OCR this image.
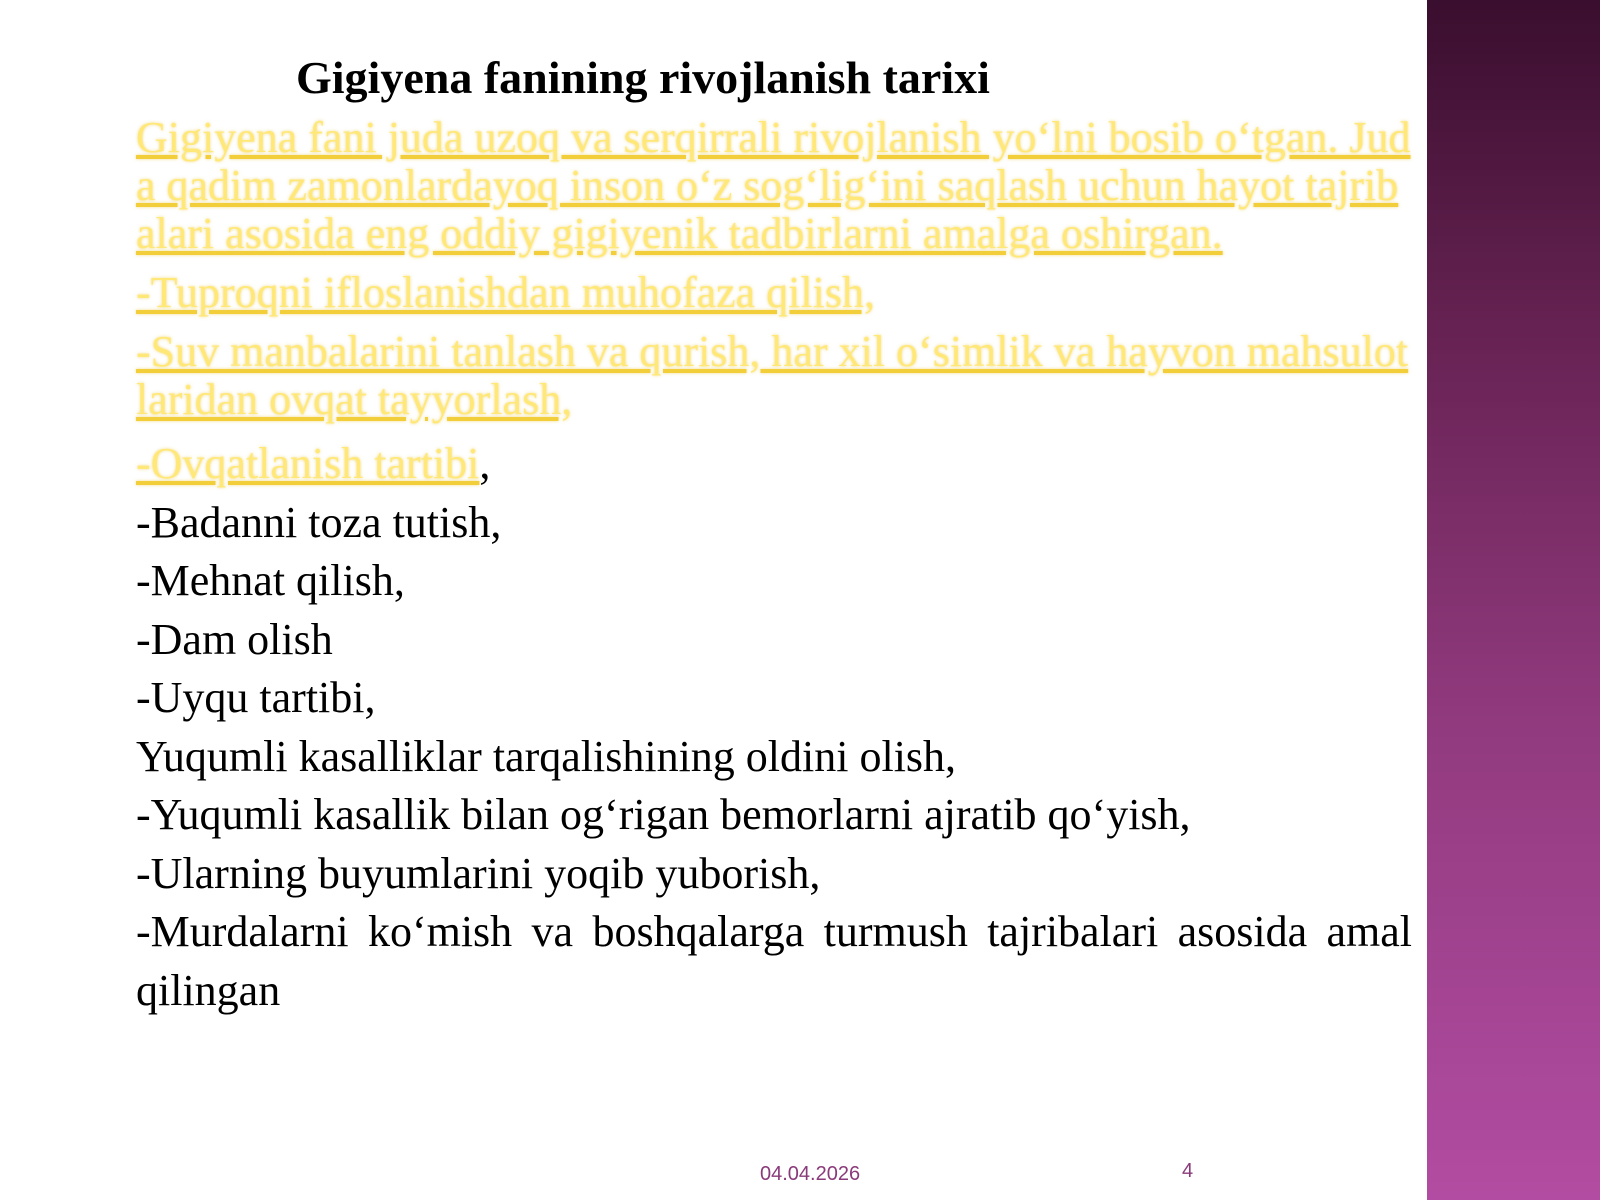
Gigiyena fanining rivojlanish tarixi

Gigiyena fani juda uzoq va serqirrali rivojlanish yo‘lni bosib o‘tgan. Juda qadim zamonlardayoq inson o‘z sog‘lig‘ini saqlash uchun hayot tajribalari asosida eng oddiy gigiyenik tadbirlarni amalga oshirgan.

-Tuproqni ifloslanishdan muhofaza qilish,

-Suv manbalarini tanlash va qurish, har xil o‘simlik va hayvon mahsulotlaridan ovqat tayyorlash,

-Ovqatlanish tartibi,

-Badanni toza tutish,

-Mehnat qilish,

-Dam olish

-Uyqu tartibi,

Yuqumli kasalliklar tarqalishining oldini olish,

-Yuqumli kasallik bilan og‘rigan bemorlarni ajratib qo‘yish,

-Ularning buyumlarini yoqib yuborish,

-Murdalarni ko‘mish va boshqalarga turmush tajribalari asosida amal qilingan

04.04.2026	4
